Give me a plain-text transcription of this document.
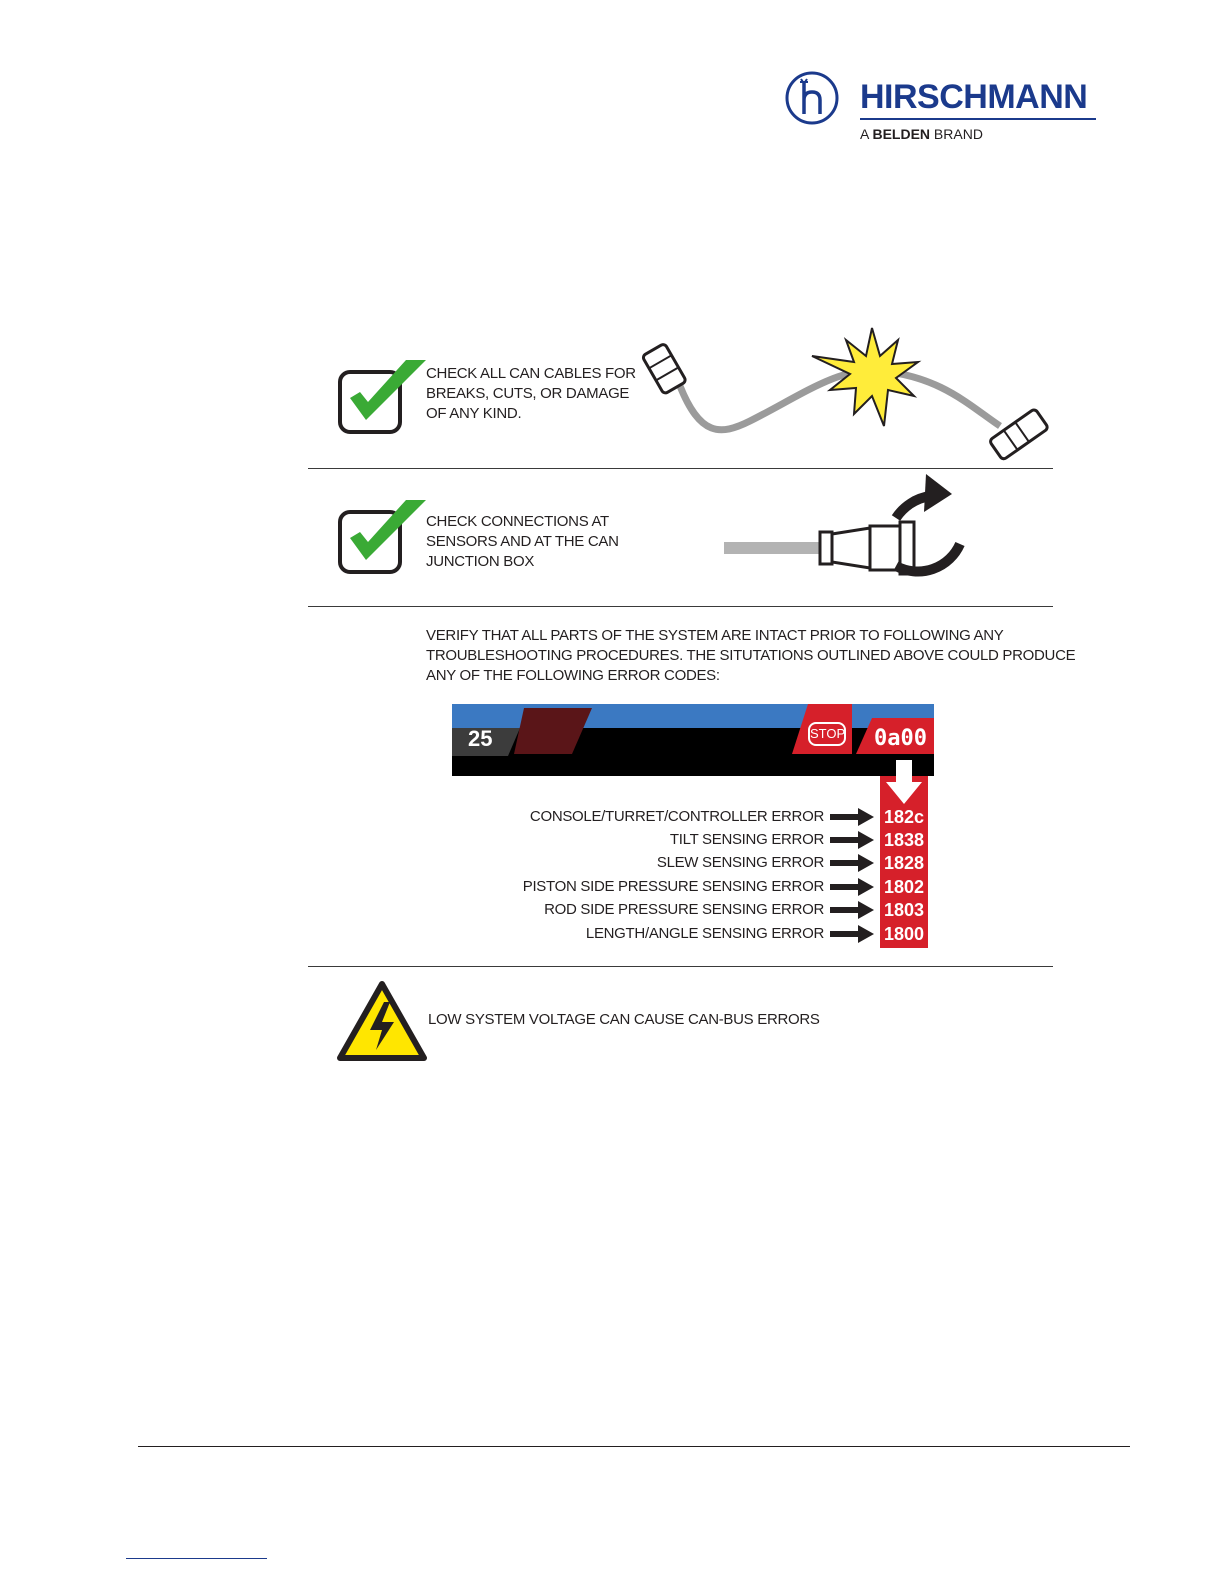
HIRSCHMANN
A BELDEN BRAND
CHECK ALL CAN CABLES FOR
BREAKS, CUTS, OR DAMAGE
OF ANY KIND.
CHECK CONNECTIONS AT
SENSORS AND AT THE CAN
JUNCTION BOX
VERIFY THAT ALL PARTS OF THE SYSTEM ARE INTACT PRIOR TO FOLLOWING ANY
TROUBLESHOOTING PROCEDURES. THE SITUTATIONS OUTLINED ABOVE COULD PRODUCE
ANY OF THE FOLLOWING ERROR CODES:
25	STOP 0a00
CONSOLE/TURRET/CONTROLLER ERROR
TILT SENSING ERROR
SLEW SENSING ERROR
PISTON SIDE PRESSURE SENSING ERROR
ROD SIDE PRESSURE SENSING ERROR
LENGTH/ANGLE SENSING ERROR
182c
1838
1828
1802
1803
1800
LOW SYSTEM VOLTAGE CAN CAUSE CAN-BUS ERRORS
